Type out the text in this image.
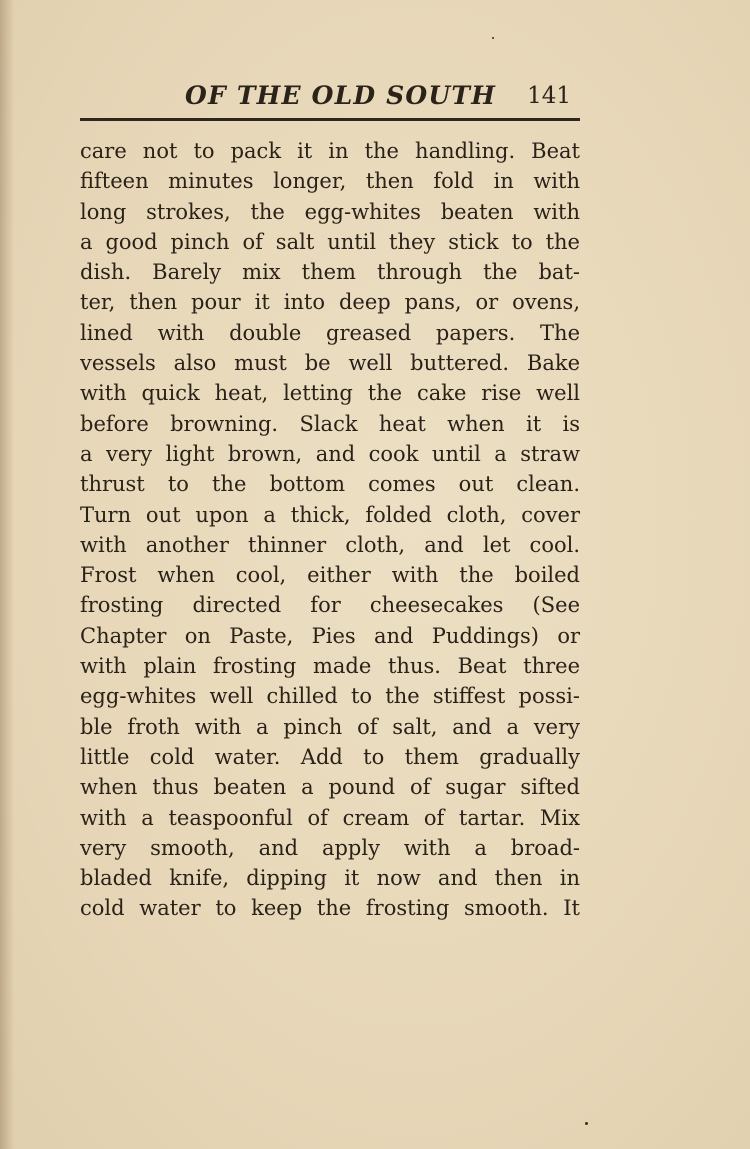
OF THE OLD SOUTH 141
care not to pack it in the handling. Beat
fifteen minutes longer, then fold in with
long strokes, the egg-whites beaten with
a good pinch of salt until they stick to the
dish. Barely mix them through the bat-
ter, then pour it into deep pans, or ovens,
lined with double greased papers. The
vessels also must be well buttered. Bake
with quick heat, letting the cake rise well
before browning. Slack heat when it is
a very light brown, and cook until a straw
thrust to the bottom comes out clean.
Turn out upon a thick, folded cloth, cover
with another thinner cloth, and let cool.
Frost when cool, either with the boiled
frosting directed for cheesecakes (See
Chapter on Paste, Pies and Puddings) or
with plain frosting made thus. Beat three
egg-whites well chilled to the stiffest possi-
ble froth with a pinch of salt, and a very
little cold water. Add to them gradually
when thus beaten a pound of sugar sifted
with a teaspoonful of cream of tartar. Mix
very smooth, and apply with a broad-
bladed knife, dipping it now and then in
cold water to keep the frosting smooth. It
